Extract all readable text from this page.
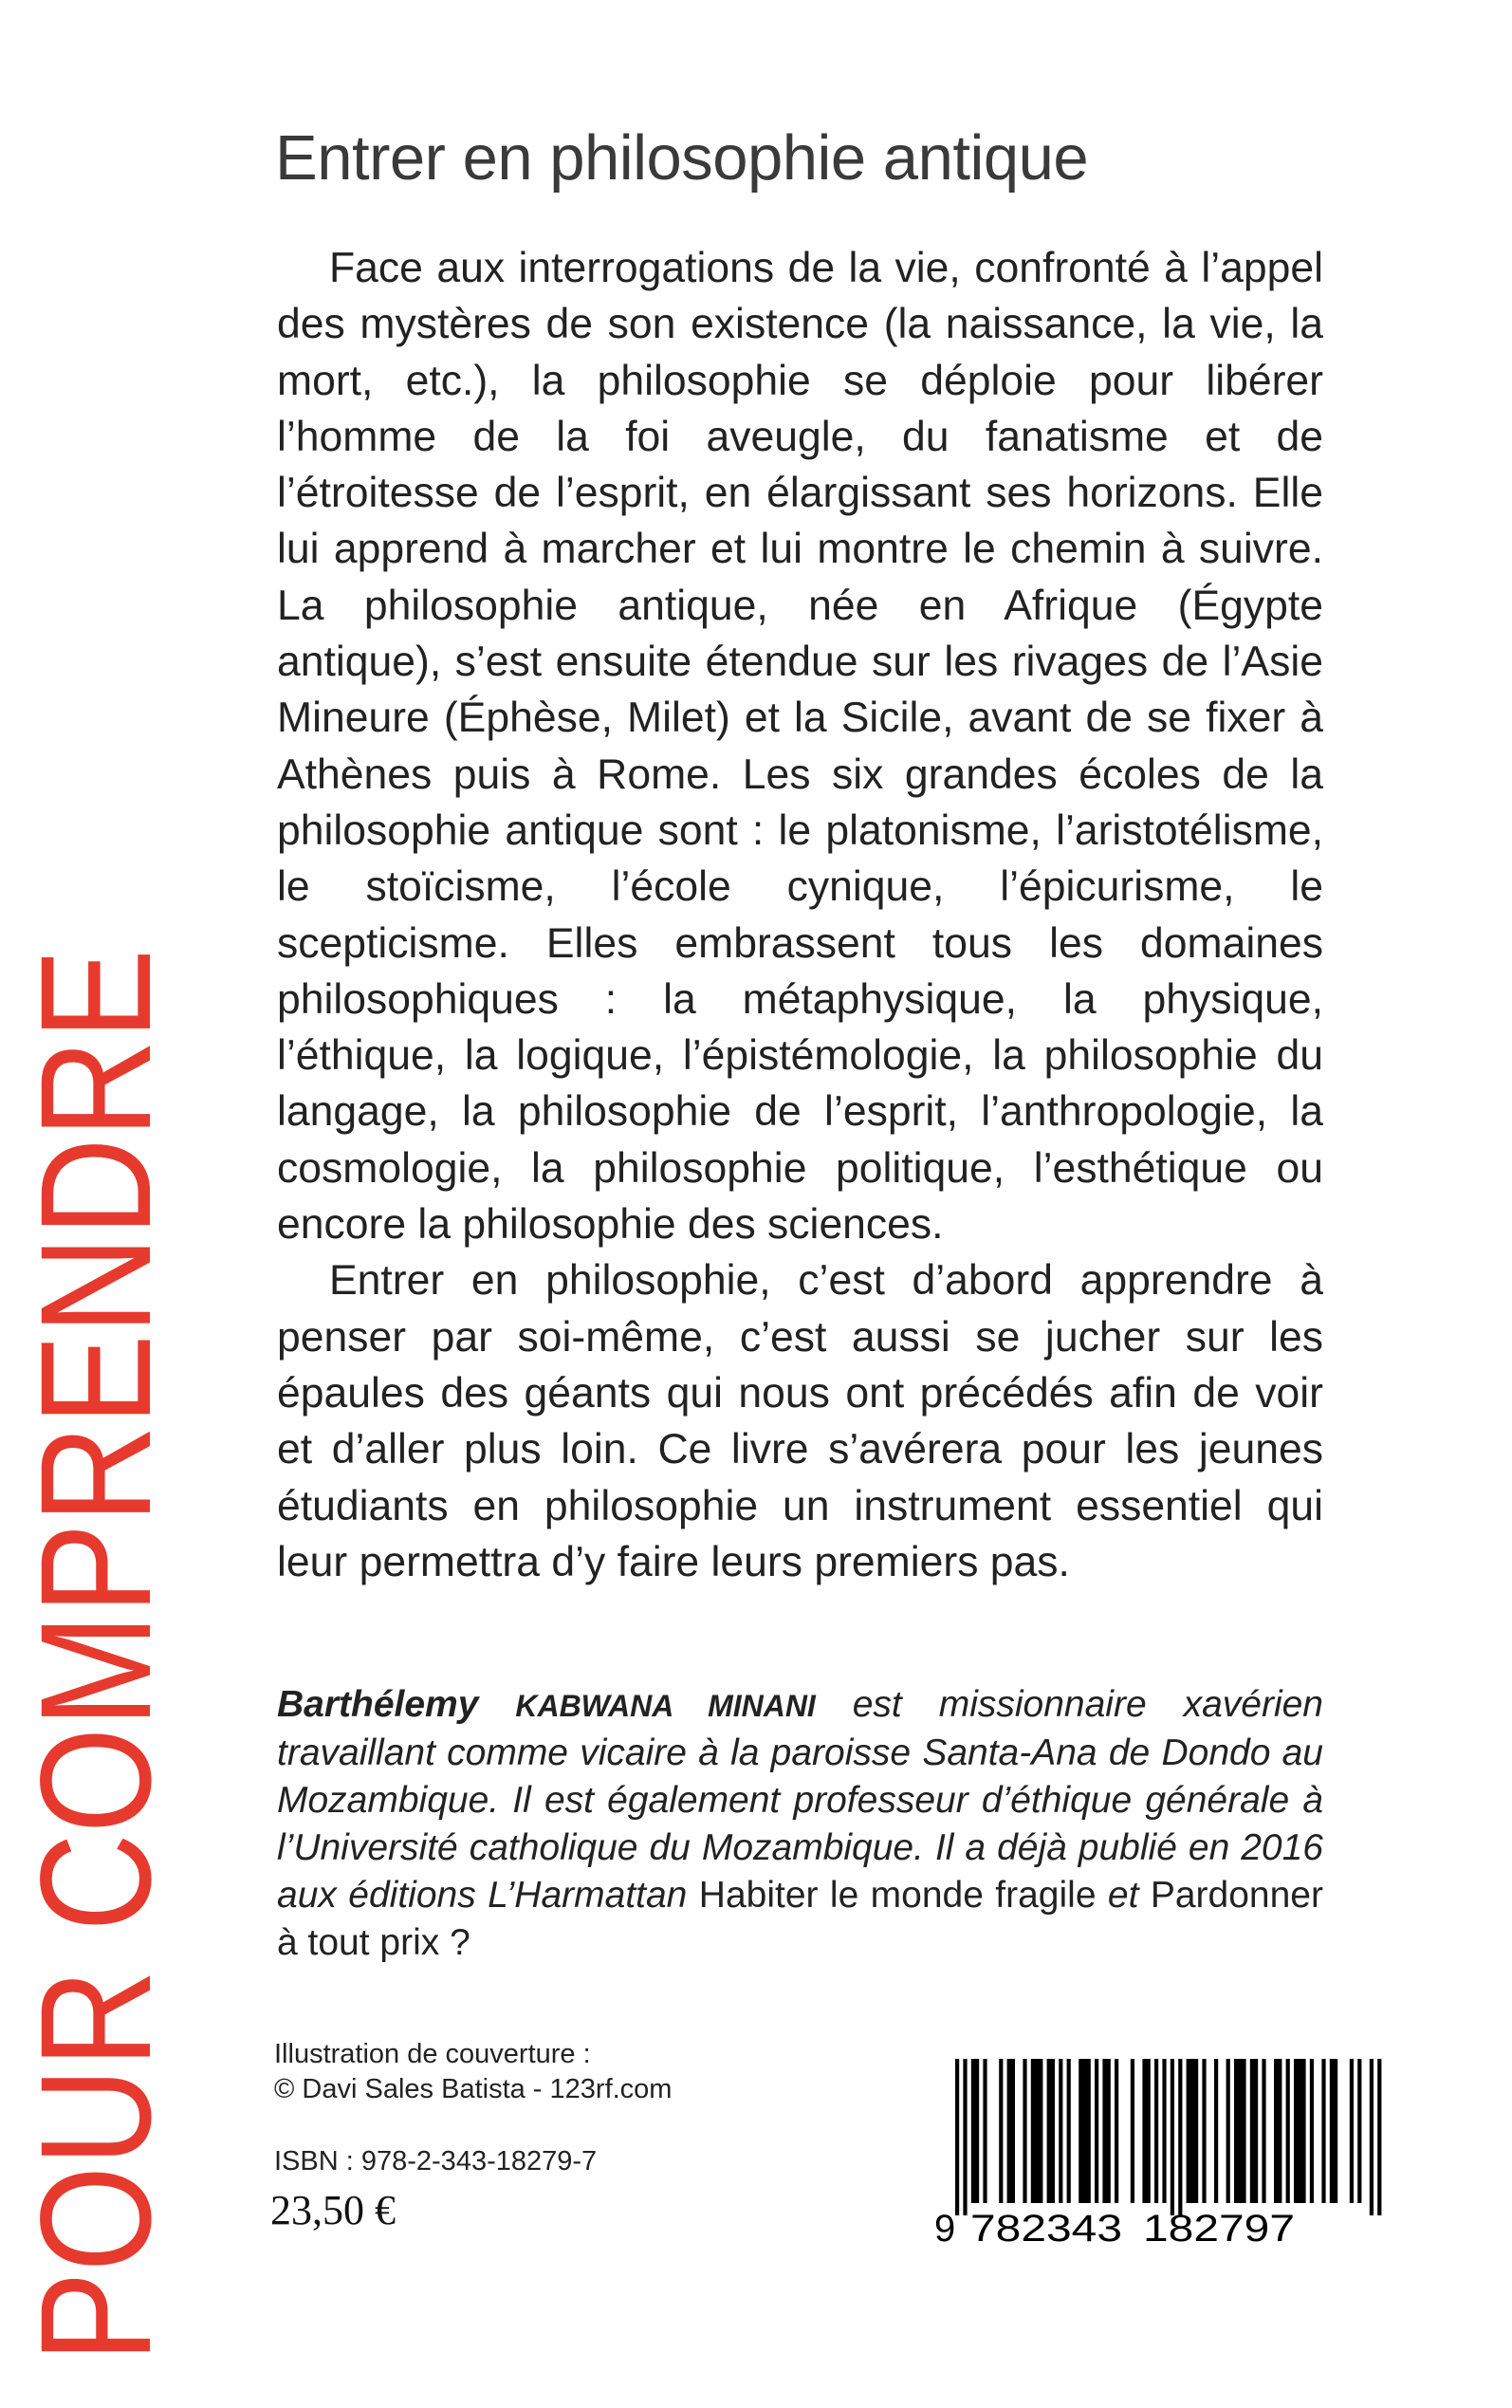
POUR COMPRENDRE
Entrer en philosophie antique

Face aux interrogations de la vie, confronté à l’appel des mystères de son existence (la naissance, la vie, la mort, etc.), la philosophie se déploie pour libérer l’homme de la foi aveugle, du fanatisme et de l’étroitesse de l’esprit, en élargissant ses horizons. Elle lui apprend à marcher et lui montre le chemin à suivre. La philosophie antique, née en Afrique (Égypte antique), s’est ensuite étendue sur les rivages de l’Asie Mineure (Éphèse, Milet) et la Sicile, avant de se fixer à Athènes puis à Rome. Les six grandes écoles de la philosophie antique sont : le platonisme, l’aristotélisme, le stoïcisme, l’école cynique, l’épicurisme, le scepticisme. Elles embrassent tous les domaines philosophiques : la métaphysique, la physique, l’éthique, la logique, l’épistémologie, la philosophie du langage, la philosophie de l’esprit, l’anthropologie, la cosmologie, la philosophie politique, l’esthétique ou encore la philosophie des sciences.

Entrer en philosophie, c’est d’abord apprendre à penser par soi-même, c’est aussi se jucher sur les épaules des géants qui nous ont précédés afin de voir et d’aller plus loin. Ce livre s’avérera pour les jeunes étudiants en philosophie un instrument essentiel qui leur permettra d’y faire leurs premiers pas.

Barthélemy KABWANA MINANI est missionnaire xavérien travaillant comme vicaire à la paroisse Santa-Ana de Dondo au Mozambique. Il est également professeur d’éthique générale à l’Université catholique du Mozambique. Il a déjà publié en 2016 aux éditions L’Harmattan Habiter le monde fragile et Pardonner à tout prix ?
Illustration de couverture :
© Davi Sales Batista - 123rf.com
ISBN : 978-2-343-18279-7
23,50 €	9 782343 182797
